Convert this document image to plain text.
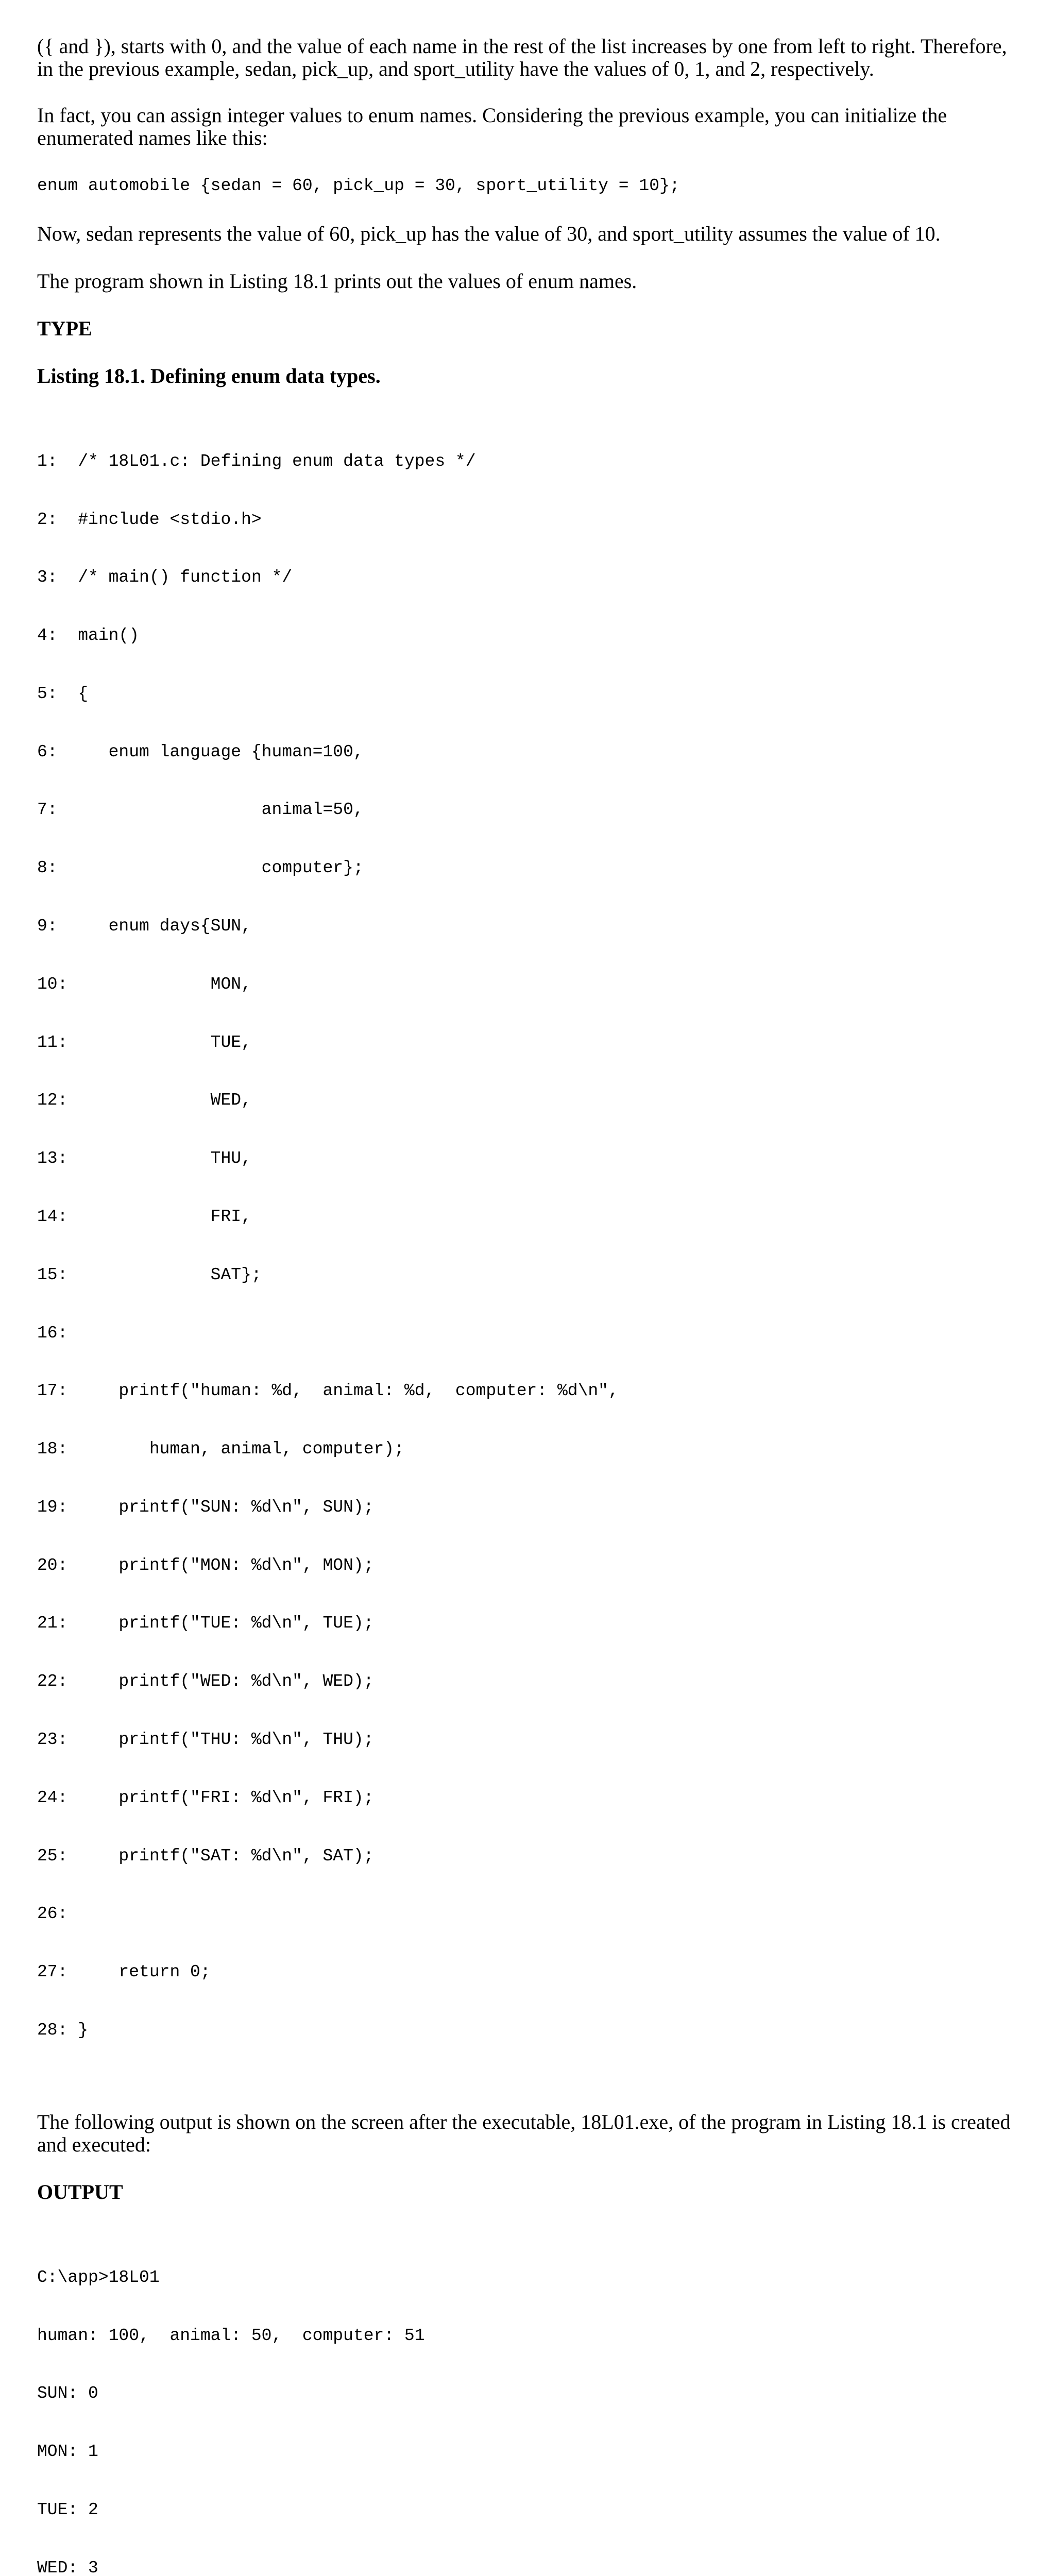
({ and }), starts with 0, and the value of each name in the rest of the list increases by one from left to right. Therefore, in the previous example, sedan, pick_up, and sport_utility have the values of 0, 1, and 2, respectively.

In fact, you can assign integer values to enum names. Considering the previous example, you can initialize the enumerated names like this:

enum automobile {sedan = 60, pick_up = 30, sport_utility = 10};

Now, sedan represents the value of 60, pick_up has the value of 30, and sport_utility assumes the value of 10.

The program shown in Listing 18.1 prints out the values of enum names.

TYPE

Listing 18.1. Defining enum data types.

1:  /* 18L01.c: Defining enum data types */

2:  #include <stdio.h>

3:  /* main() function */

4:  main()

5:  {

6:     enum language {human=100,

7:                    animal=50,

8:                    computer};

9:     enum days{SUN,

10:              MON,

11:              TUE,

12:              WED,

13:              THU,

14:              FRI,

15:              SAT};

16:

17:     printf("human: %d,  animal: %d,  computer: %d\n",

18:        human, animal, computer);

19:     printf("SUN: %d\n", SUN);

20:     printf("MON: %d\n", MON);

21:     printf("TUE: %d\n", TUE);

22:     printf("WED: %d\n", WED);

23:     printf("THU: %d\n", THU);

24:     printf("FRI: %d\n", FRI);

25:     printf("SAT: %d\n", SAT);

26:

27:     return 0;

28: }

The following output is shown on the screen after the executable, 18L01.exe, of the program in Listing 18.1 is created and executed:

OUTPUT

C:\app>18L01

human: 100,  animal: 50,  computer: 51

SUN: 0

MON: 1

TUE: 2

WED: 3
